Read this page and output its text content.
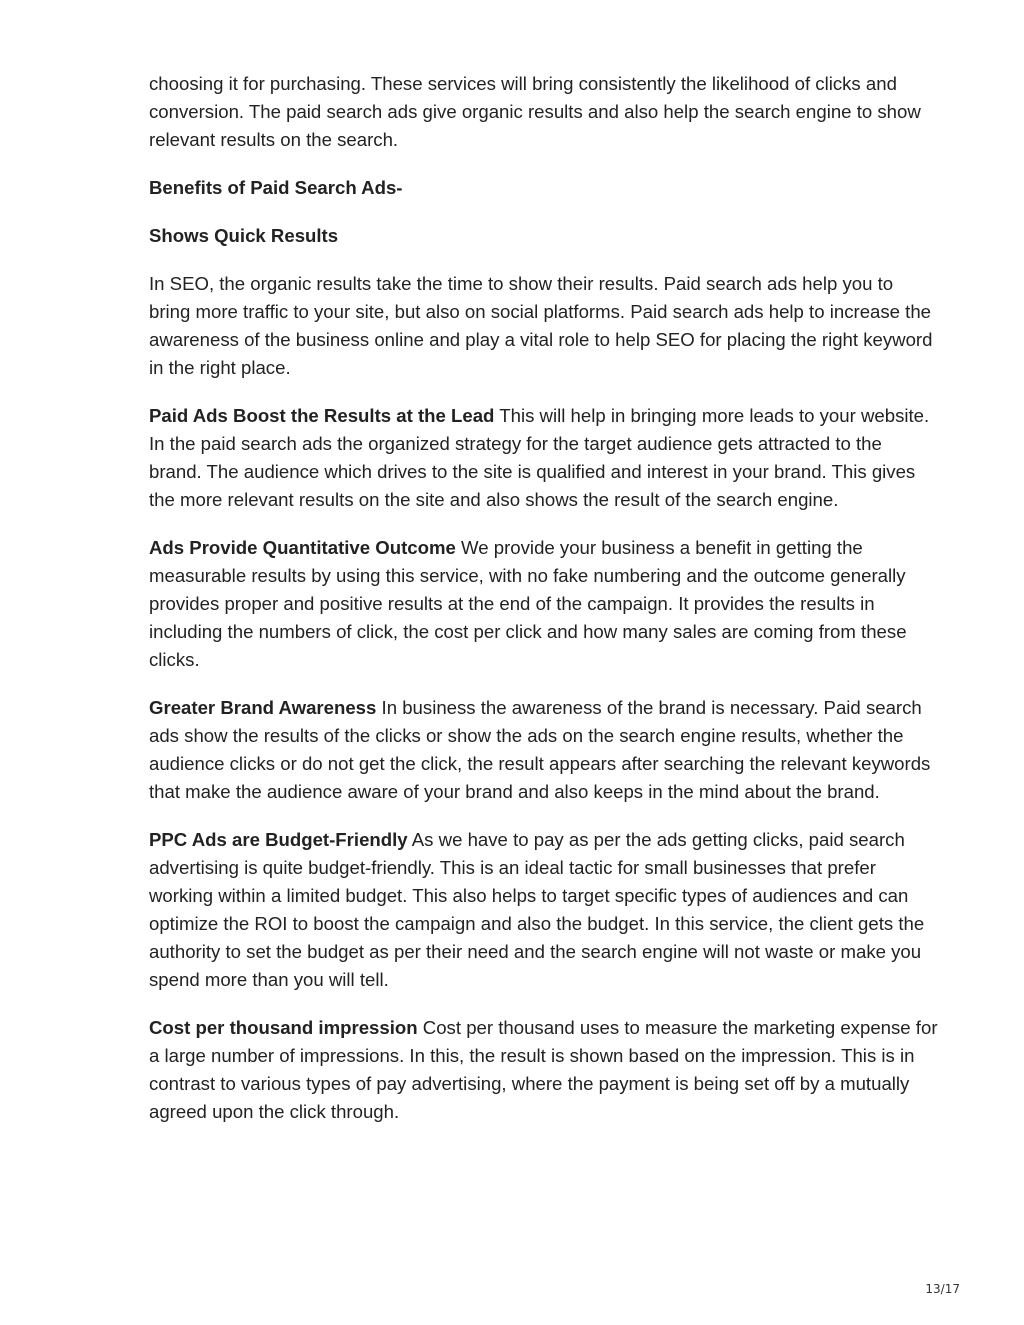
choosing it for purchasing. These services will bring consistently the likelihood of clicks and conversion. The paid search ads give organic results and also help the search engine to show relevant results on the search.

Benefits of Paid Search Ads-

Shows Quick Results

In SEO, the organic results take the time to show their results. Paid search ads help you to bring more traffic to your site, but also on social platforms. Paid search ads help to increase the awareness of the business online and play a vital role to help SEO for placing the right keyword in the right place.

Paid Ads Boost the Results at the Lead This will help in bringing more leads to your website. In the paid search ads the organized strategy for the target audience gets attracted to the brand. The audience which drives to the site is qualified and interest in your brand. This gives the more relevant results on the site and also shows the result of the search engine.

Ads Provide Quantitative Outcome We provide your business a benefit in getting the measurable results by using this service, with no fake numbering and the outcome generally provides proper and positive results at the end of the campaign. It provides the results in including the numbers of click, the cost per click and how many sales are coming from these clicks.

Greater Brand Awareness In business the awareness of the brand is necessary. Paid search ads show the results of the clicks or show the ads on the search engine results, whether the audience clicks or do not get the click, the result appears after searching the relevant keywords that make the audience aware of your brand and also keeps in the mind about the brand.

PPC Ads are Budget-Friendly As we have to pay as per the ads getting clicks, paid search advertising is quite budget-friendly. This is an ideal tactic for small businesses that prefer working within a limited budget. This also helps to target specific types of audiences and can optimize the ROI to boost the campaign and also the budget. In this service, the client gets the authority to set the budget as per their need and the search engine will not waste or make you spend more than you will tell.

Cost per thousand impression Cost per thousand uses to measure the marketing expense for a large number of impressions. In this, the result is shown based on the impression. This is in contrast to various types of pay advertising, where the payment is being set off by a mutually agreed upon the click through.

13/17
